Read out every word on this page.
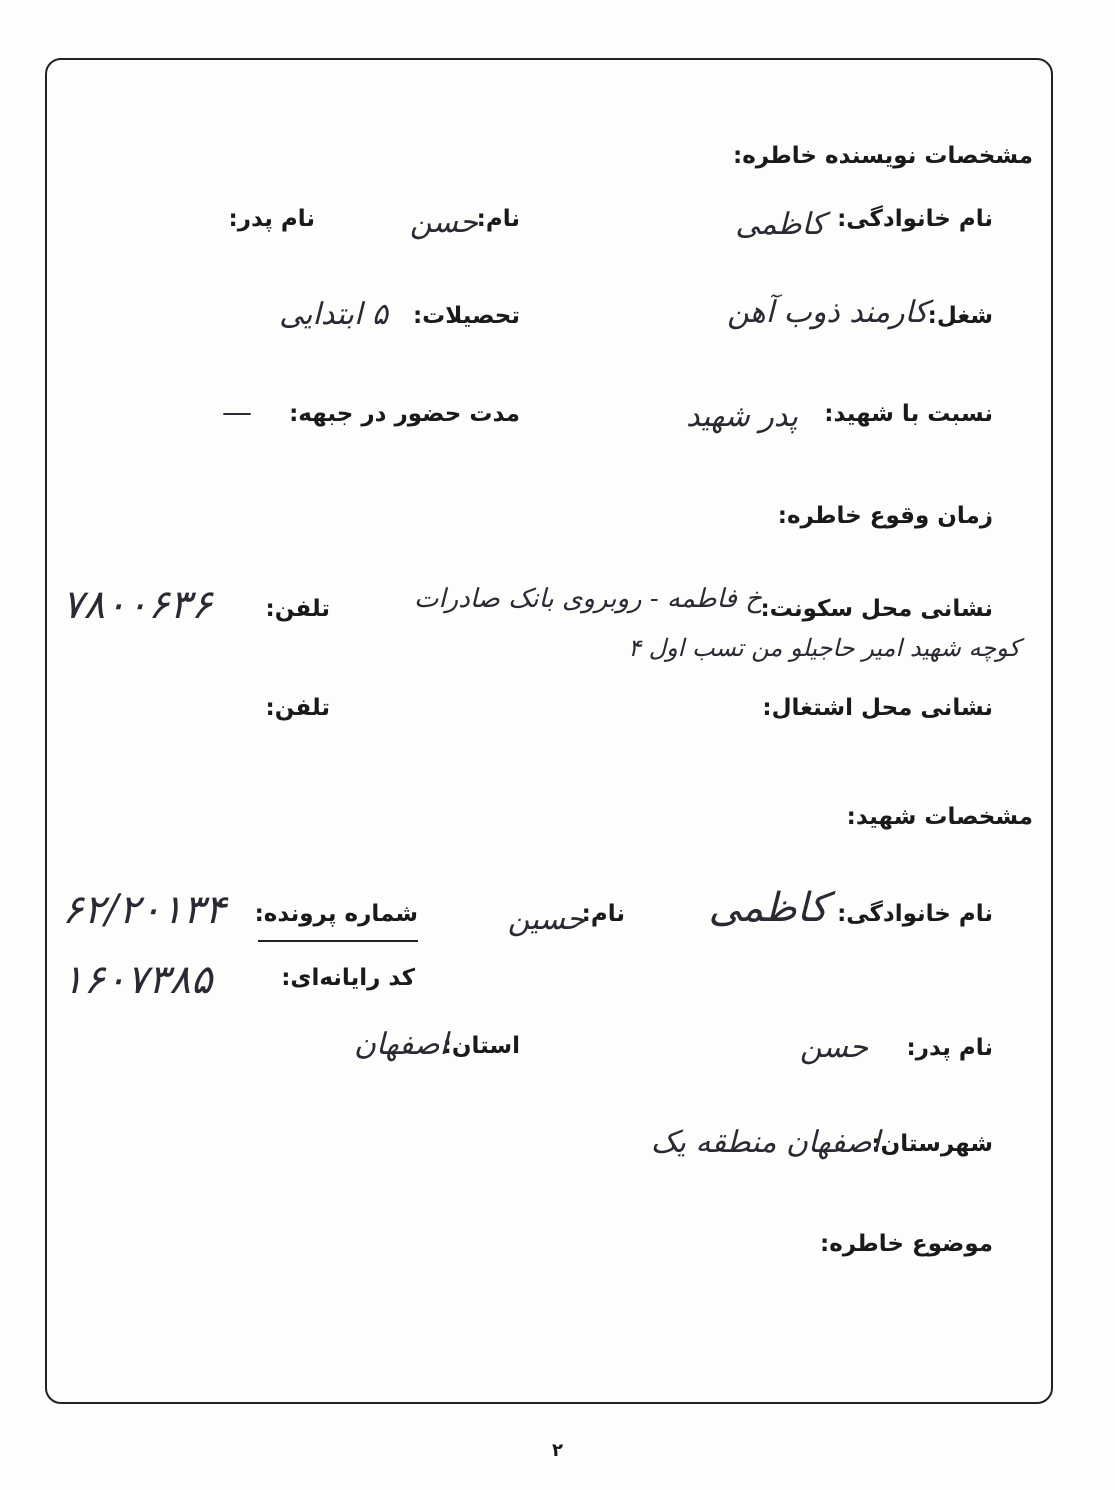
مشخصات نویسنده خاطره:
نام خانوادگی:
کاظمی
نام:
حسن
نام پدر:
شغل:
کارمند ذوب آهن
تحصیلات:
۵ ابتدایی
نسبت با شهید:
پدر شهید
مدت حضور در جبهه:
—
زمان وقوع خاطره:
نشانی محل سکونت:
خ فاطمه - روبروی بانک صادرات
تلفن:
۷۸۰۰۶۳۶
کوچه شهید امیر حاجیلو من تسب اول ۴
نشانی محل اشتغال:
تلفن:
مشخصات شهید:
نام خانوادگی:
کاظمی
نام:
حسین
شماره پرونده:
۶۲/۲۰۱۳۴
کد رایانه‌ای:
۱۶۰۷۳۸۵
نام پدر:
حسن
استان:
اصفهان
شهرستان:
اصفهان منطقه یک
موضوع خاطره:
۲
